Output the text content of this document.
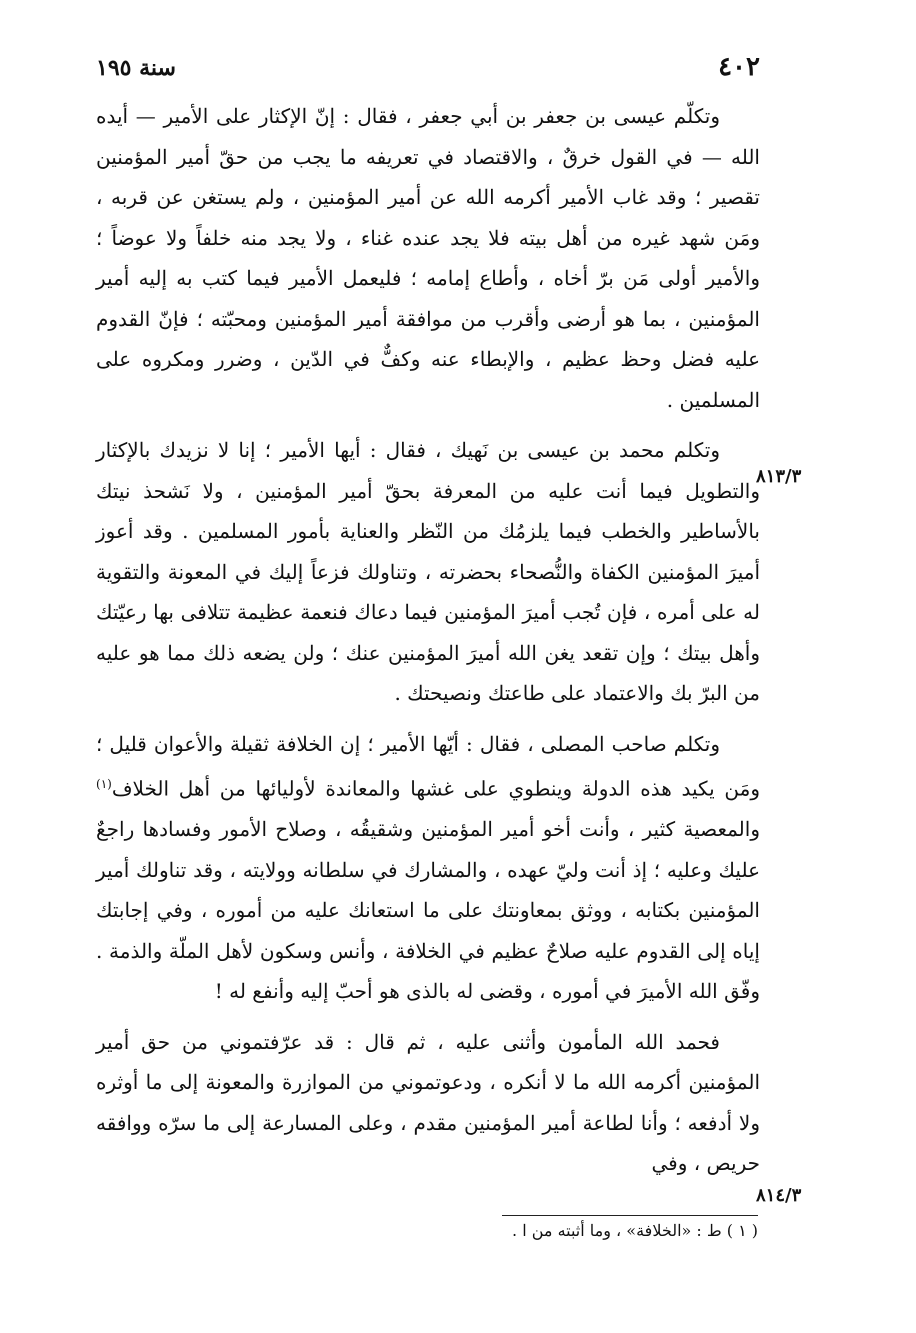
٤٠٢
سنة ١٩٥

وتكلّم عيسى بن جعفر بن أبي جعفر ، فقال : إنّ الإكثار على الأمير — أيده الله — في القول خرقٌ ، والاقتصاد في تعريفه ما يجب من حقّ أمير المؤمنين تقصير ؛ وقد غاب الأمير أكرمه الله عن أمير المؤمنين ، ولم يستغن عن قربه ، ومَن شهد غيره من أهل بيته فلا يجد عنده غناء ، ولا يجد منه خلفاً ولا عوضاً ؛ والأمير أولى مَن برّ أخاه ، وأطاع إمامه ؛ فليعمل الأمير فيما كتب به إليه أمير المؤمنين ، بما هو أرضى وأقرب من موافقة أمير المؤمنين ومحبّته ؛ فإنّ القدوم عليه فضل وحظ عظيم ، والإبطاء عنه وكفٌّ في الدّين ، وضرر ومكروه على المسلمين .

وتكلم محمد بن عيسى بن نَهيك ، فقال : أيها الأمير ؛ إنا لا نزيدك بالإكثار والتطويل فيما أنت عليه من المعرفة بحقّ أمير المؤمنين ، ولا نَشحذ نيتك بالأساطير والخطب فيما يلزمُك من النّظر والعناية بأمور المسلمين . وقد أعوز أميرَ المؤمنين الكفاة والنُّصحاء بحضرته ، وتناولك فزعاً إليك في المعونة والتقوية له على أمره ، فإن تُجب أميرَ المؤمنين فيما دعاك فنعمة عظيمة تتلافى بها رعيّتك وأهل بيتك ؛ وإن تقعد يغن الله أميرَ المؤمنين عنك ؛ ولن يضعه ذلك مما هو عليه من البرّ بك والاعتماد على طاعتك ونصيحتك .

وتكلم صاحب المصلى ، فقال : أيّها الأمير ؛ إن الخلافة ثقيلة والأعوان قليل ؛ ومَن يكيد هذه الدولة وينطوي على غشها والمعاندة لأوليائها من أهل الخلاف$^{(١)}$ والمعصية كثير ، وأنت أخو أمير المؤمنين وشقيقُه ، وصلاح الأمور وفسادها راجعٌ عليك وعليه ؛ إذ أنت وليّ عهده ، والمشارك في سلطانه وولايته ، وقد تناولك أمير المؤمنين بكتابه ، ووثق بمعاونتك على ما استعانك عليه من أموره ، وفي إجابتك إياه إلى القدوم عليه صلاحٌ عظيم في الخلافة ، وأنس وسكون لأهل الملّة والذمة . وفّق الله الأميرَ في أموره ، وقضى له بالذى هو أحبّ إليه وأنفع له !

فحمد الله المأمون وأثنى عليه ، ثم قال : قد عرّفتموني من حق أمير المؤمنين أكرمه الله ما لا أنكره ، ودعوتموني من الموازرة والمعونة إلى ما أوثره ولا أدفعه ؛ وأنا لطاعة أمير المؤمنين مقدم ، وعلى المسارعة إلى ما سرّه ووافقه حريص ، وفي

٨١٣/٣
٨١٤/٣
( ١ ) ط : «الخلافة» ، وما أثبته من ا .
